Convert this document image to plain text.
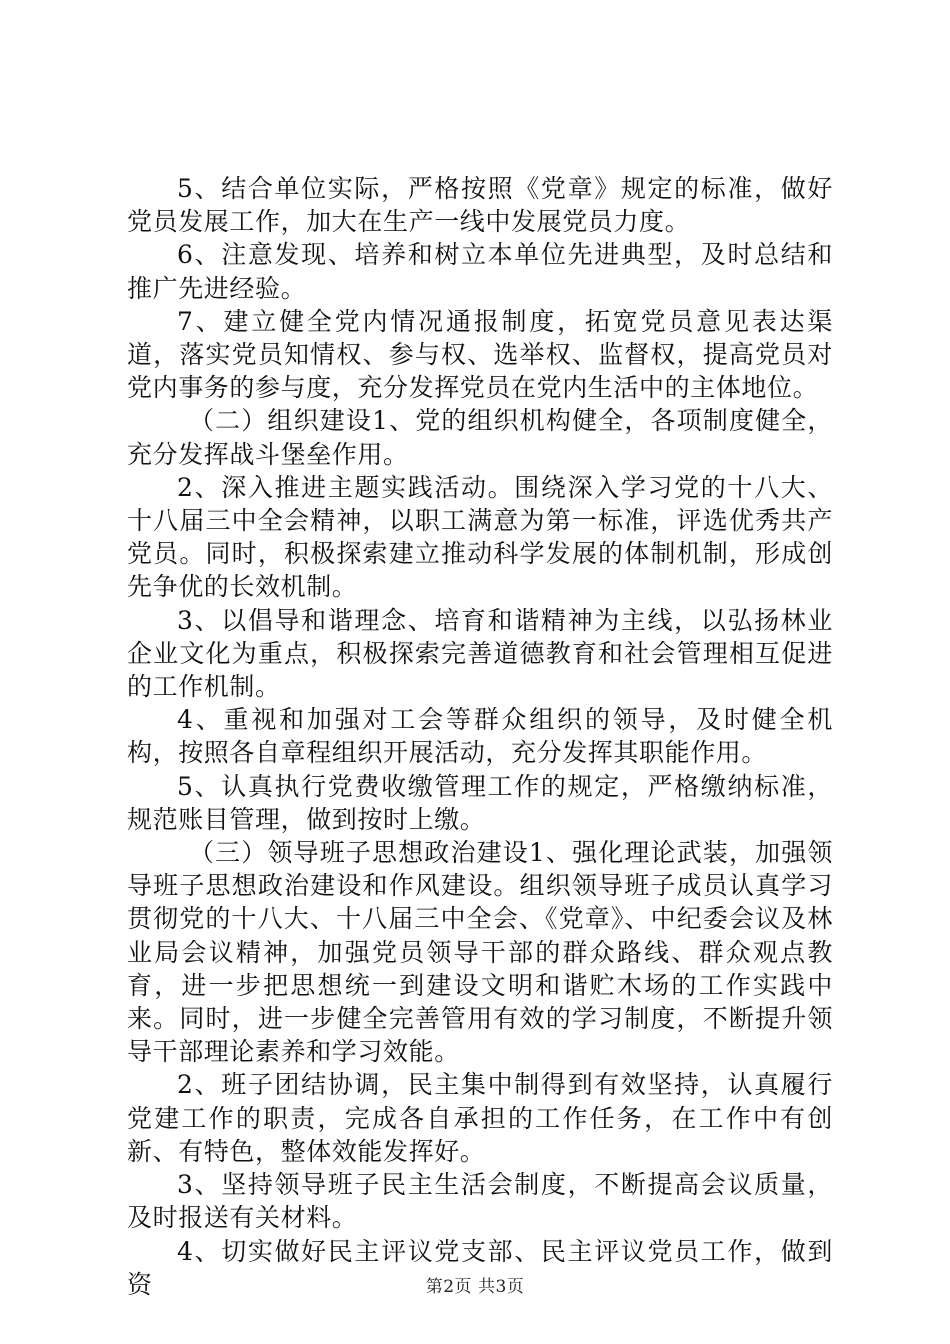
5、结合单位实际，严格按照《党章》规定的标准，做好党员发展工作，加大在生产一线中发展党员力度。

6、注意发现、培养和树立本单位先进典型，及时总结和推广先进经验。

7、建立健全党内情况通报制度，拓宽党员意见表达渠道，落实党员知情权、参与权、选举权、监督权，提高党员对党内事务的参与度，充分发挥党员在党内生活中的主体地位。

（二）组织建设1、党的组织机构健全，各项制度健全，充分发挥战斗堡垒作用。

2、深入推进主题实践活动。围绕深入学习党的十八大、十八届三中全会精神，以职工满意为第一标准，评选优秀共产党员。同时，积极探索建立推动科学发展的体制机制，形成创先争优的长效机制。

3、以倡导和谐理念、培育和谐精神为主线，以弘扬林业企业文化为重点，积极探索完善道德教育和社会管理相互促进的工作机制。

4、重视和加强对工会等群众组织的领导，及时健全机构，按照各自章程组织开展活动，充分发挥其职能作用。

5、认真执行党费收缴管理工作的规定，严格缴纳标准，规范账目管理，做到按时上缴。

（三）领导班子思想政治建设1、强化理论武装，加强领导班子思想政治建设和作风建设。组织领导班子成员认真学习贯彻党的十八大、十八届三中全会、《党章》、中纪委会议及林业局会议精神，加强党员领导干部的群众路线、群众观点教育，进一步把思想统一到建设文明和谐贮木场的工作实践中来。同时，进一步健全完善管用有效的学习制度，不断提升领导干部理论素养和学习效能。

2、班子团结协调，民主集中制得到有效坚持，认真履行党建工作的职责，完成各自承担的工作任务，在工作中有创新、有特色，整体效能发挥好。

3、坚持领导班子民主生活会制度，不断提高会议质量，及时报送有关材料。

4、切实做好民主评议党支部、民主评议党员工作，做到资	第2页 共3页
